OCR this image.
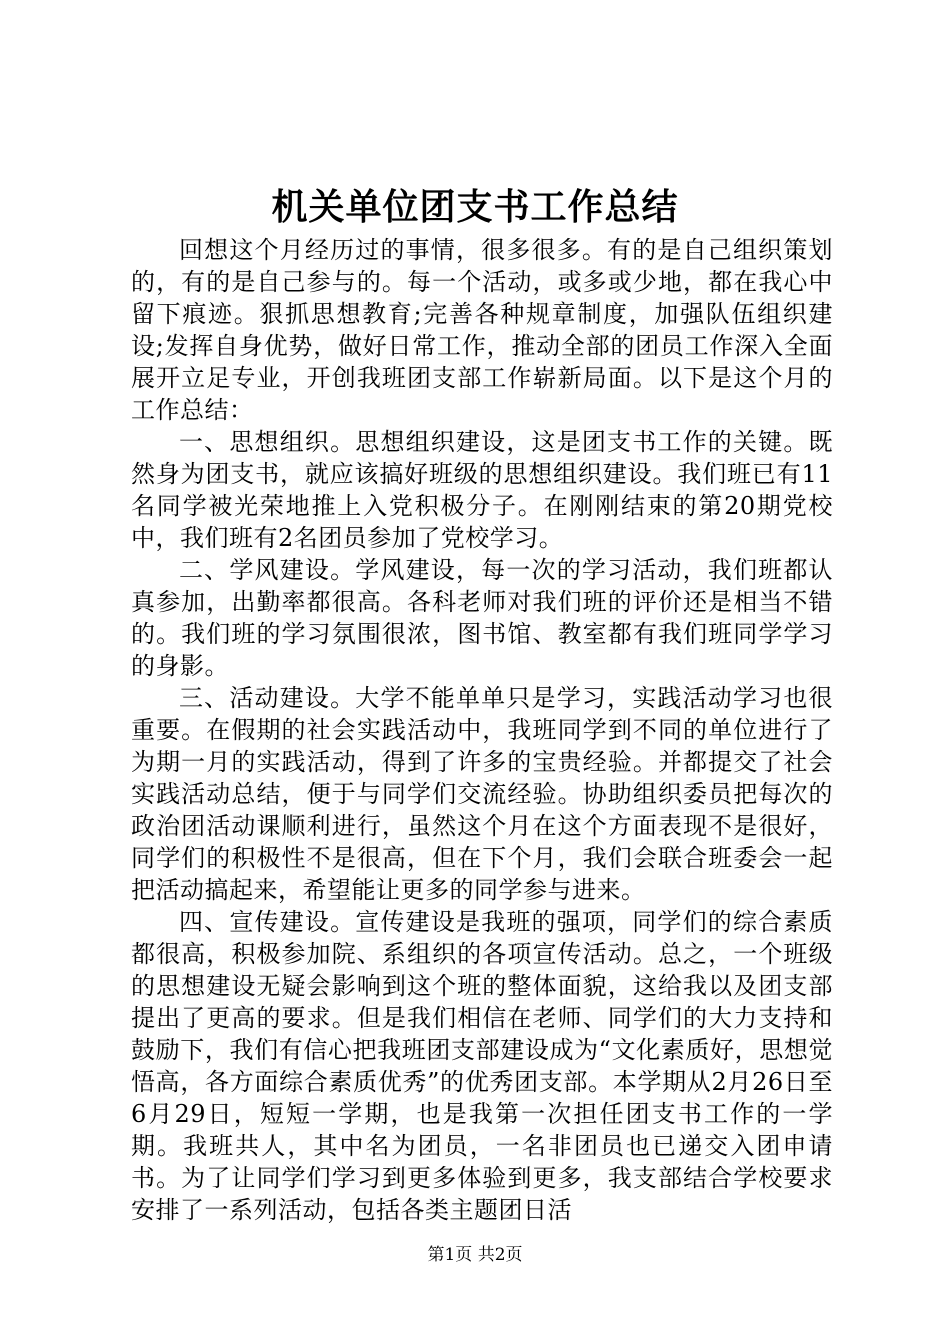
机关单位团支书工作总结

回想这个月经历过的事情，很多很多。有的是自己组织策划的，有的是自己参与的。每一个活动，或多或少地，都在我心中留下痕迹。狠抓思想教育;完善各种规章制度，加强队伍组织建设;发挥自身优势，做好日常工作，推动全部的团员工作深入全面展开立足专业，开创我班团支部工作崭新局面。以下是这个月的工作总结：

一、思想组织。思想组织建设，这是团支书工作的关键。既然身为团支书，就应该搞好班级的思想组织建设。我们班已有11名同学被光荣地推上入党积极分子。在刚刚结束的第20期党校中，我们班有2名团员参加了党校学习。

二、学风建设。学风建设，每一次的学习活动，我们班都认真参加，出勤率都很高。各科老师对我们班的评价还是相当不错的。我们班的学习氛围很浓，图书馆、教室都有我们班同学学习的身影。

三、活动建设。大学不能单单只是学习，实践活动学习也很重要。在假期的社会实践活动中，我班同学到不同的单位进行了为期一月的实践活动，得到了许多的宝贵经验。并都提交了社会实践活动总结，便于与同学们交流经验。协助组织委员把每次的政治团活动课顺利进行，虽然这个月在这个方面表现不是很好，同学们的积极性不是很高，但在下个月，我们会联合班委会一起把活动搞起来，希望能让更多的同学参与进来。

四、宣传建设。宣传建设是我班的强项，同学们的综合素质都很高，积极参加院、系组织的各项宣传活动。总之，一个班级的思想建设无疑会影响到这个班的整体面貌，这给我以及团支部提出了更高的要求。但是我们相信在老师、同学们的大力支持和鼓励下，我们有信心把我班团支部建设成为“文化素质好，思想觉悟高，各方面综合素质优秀”的优秀团支部。本学期从2月26日至6月29日，短短一学期，也是我第一次担任团支书工作的一学期。我班共人，其中名为团员，一名非团员也已递交入团申请书。为了让同学们学习到更多体验到更多，我支部结合学校要求安排了一系列活动，包括各类主题团日活

第1页 共2页
